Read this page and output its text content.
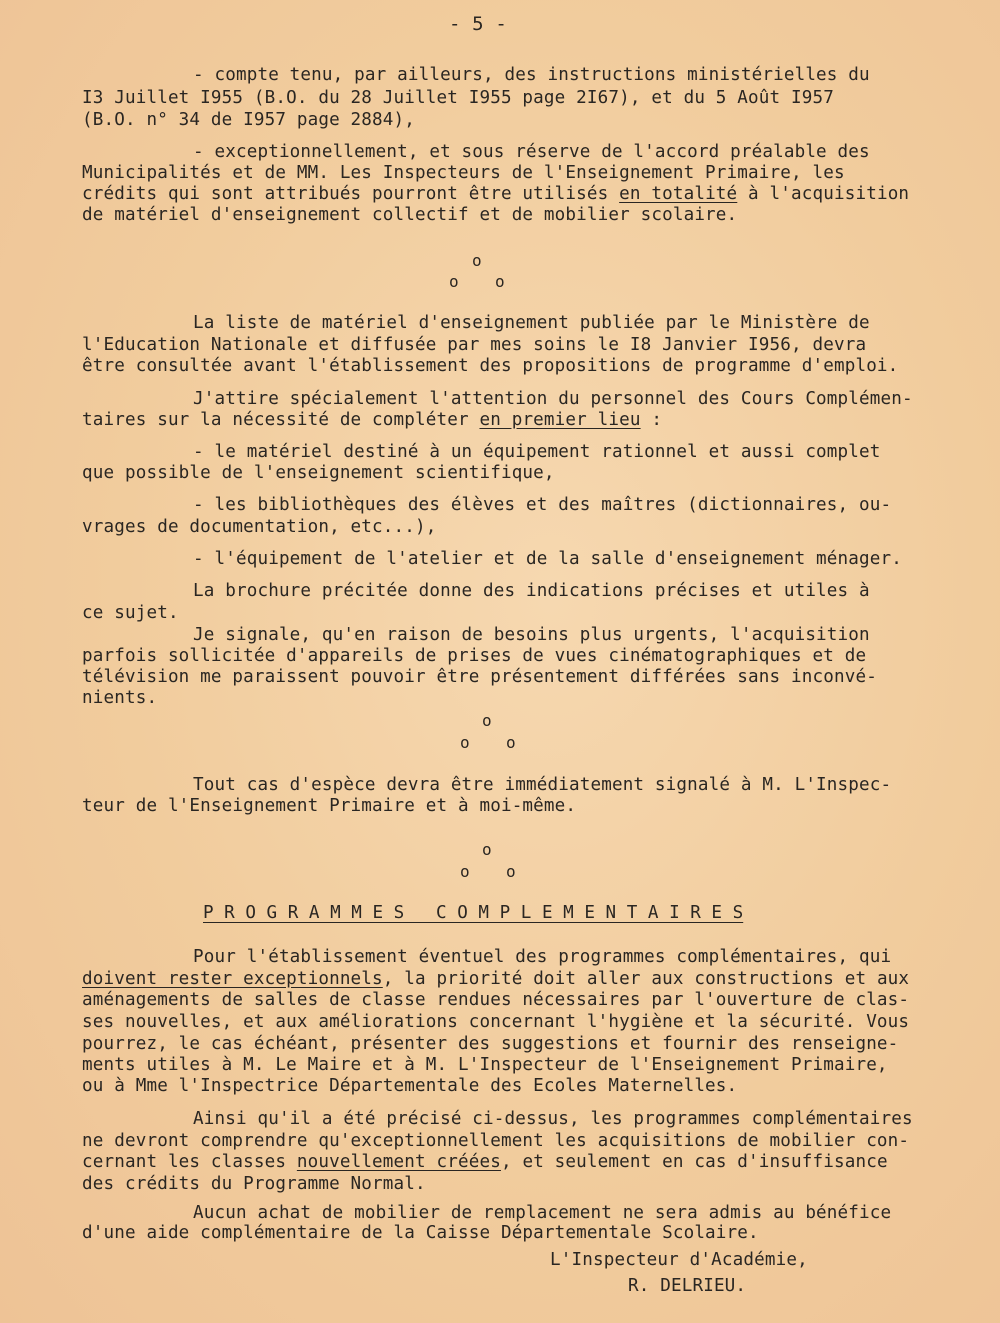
- 5 -
- compte tenu, par ailleurs, des instructions ministérielles du
I3 Juillet I955 (B.O. du 28 Juillet I955 page 2I67), et du 5 Août I957
(B.O. n° 34 de I957 page 2884),
- exceptionnellement, et sous réserve de l'accord préalable des
Municipalités et de MM. Les Inspecteurs de l'Enseignement Primaire, les
crédits qui sont attribués pourront être utilisés en totalité à l'acquisition
de matériel d'enseignement collectif et de mobilier scolaire.
o
o o
La liste de matériel d'enseignement publiée par le Ministère de
l'Education Nationale et diffusée par mes soins le I8 Janvier I956, devra
être consultée avant l'établissement des propositions de programme d'emploi.
J'attire spécialement l'attention du personnel des Cours Complémen-
taires sur la nécessité de compléter en premier lieu :
- le matériel destiné à un équipement rationnel et aussi complet
que possible de l'enseignement scientifique,
- les bibliothèques des élèves et des maîtres (dictionnaires, ou-
vrages de documentation, etc...),
- l'équipement de l'atelier et de la salle d'enseignement ménager.
La brochure précitée donne des indications précises et utiles à
ce sujet.
Je signale, qu'en raison de besoins plus urgents, l'acquisition
parfois sollicitée d'appareils de prises de vues cinématographiques et de
télévision me paraissent pouvoir être présentement différées sans inconvé-
nients.
o
o o
Tout cas d'espèce devra être immédiatement signalé à M. L'Inspec-
teur de l'Enseignement Primaire et à moi-même.
o
o o
P R O G R A M M E S   C O M P L E M E N T A I R E S
Pour l'établissement éventuel des programmes complémentaires, qui
doivent rester exceptionnels, la priorité doit aller aux constructions et aux
aménagements de salles de classe rendues nécessaires par l'ouverture de clas-
ses nouvelles, et aux améliorations concernant l'hygiène et la sécurité. Vous
pourrez, le cas échéant, présenter des suggestions et fournir des renseigne-
ments utiles à M. Le Maire et à M. L'Inspecteur de l'Enseignement Primaire,
ou à Mme l'Inspectrice Départementale des Ecoles Maternelles.
Ainsi qu'il a été précisé ci-dessus, les programmes complémentaires
ne devront comprendre qu'exceptionnellement les acquisitions de mobilier con-
cernant les classes nouvellement créées, et seulement en cas d'insuffisance
des crédits du Programme Normal.
Aucun achat de mobilier de remplacement ne sera admis au bénéfice
d'une aide complémentaire de la Caisse Départementale Scolaire.
L'Inspecteur d'Académie,
R. DELRIEU.
